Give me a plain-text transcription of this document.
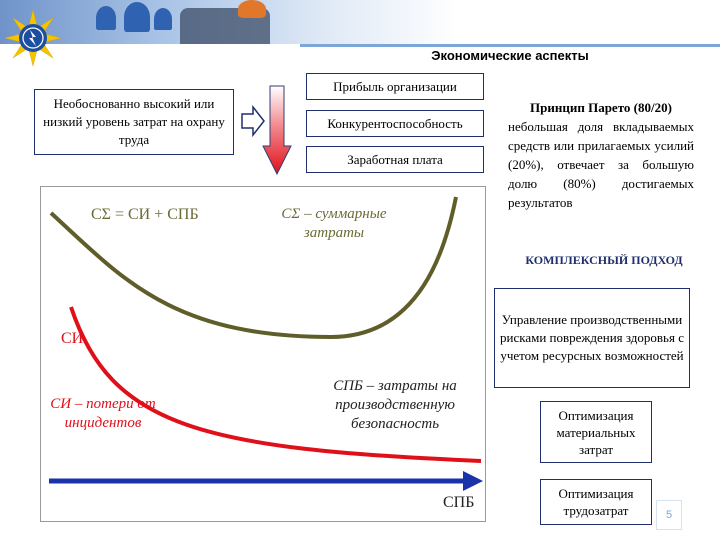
Экономические аспекты
Необоснованно высокий или низкий уровень затрат на охрану труда
Прибыль организации
Конкурентоспособность
Заработная плата
Принцип Парето (80/20)
небольшая доля вкладываемых средств или прилагаемых усилий (20%), отвечает за большую долю (80%) достигаемых результатов
CΣ = CИ + CПБ	CΣ – суммарные затраты
CИ
CИ – потери от инцидентов
CПБ – затраты на производственную безопасность
CПБ
КОМПЛЕКСНЫЙ ПОДХОД
Управление производственными рисками повреждения здоровья с учетом ресурсных возможностей
Оптимизация материальных затрат
Оптимизация трудозатрат	5
